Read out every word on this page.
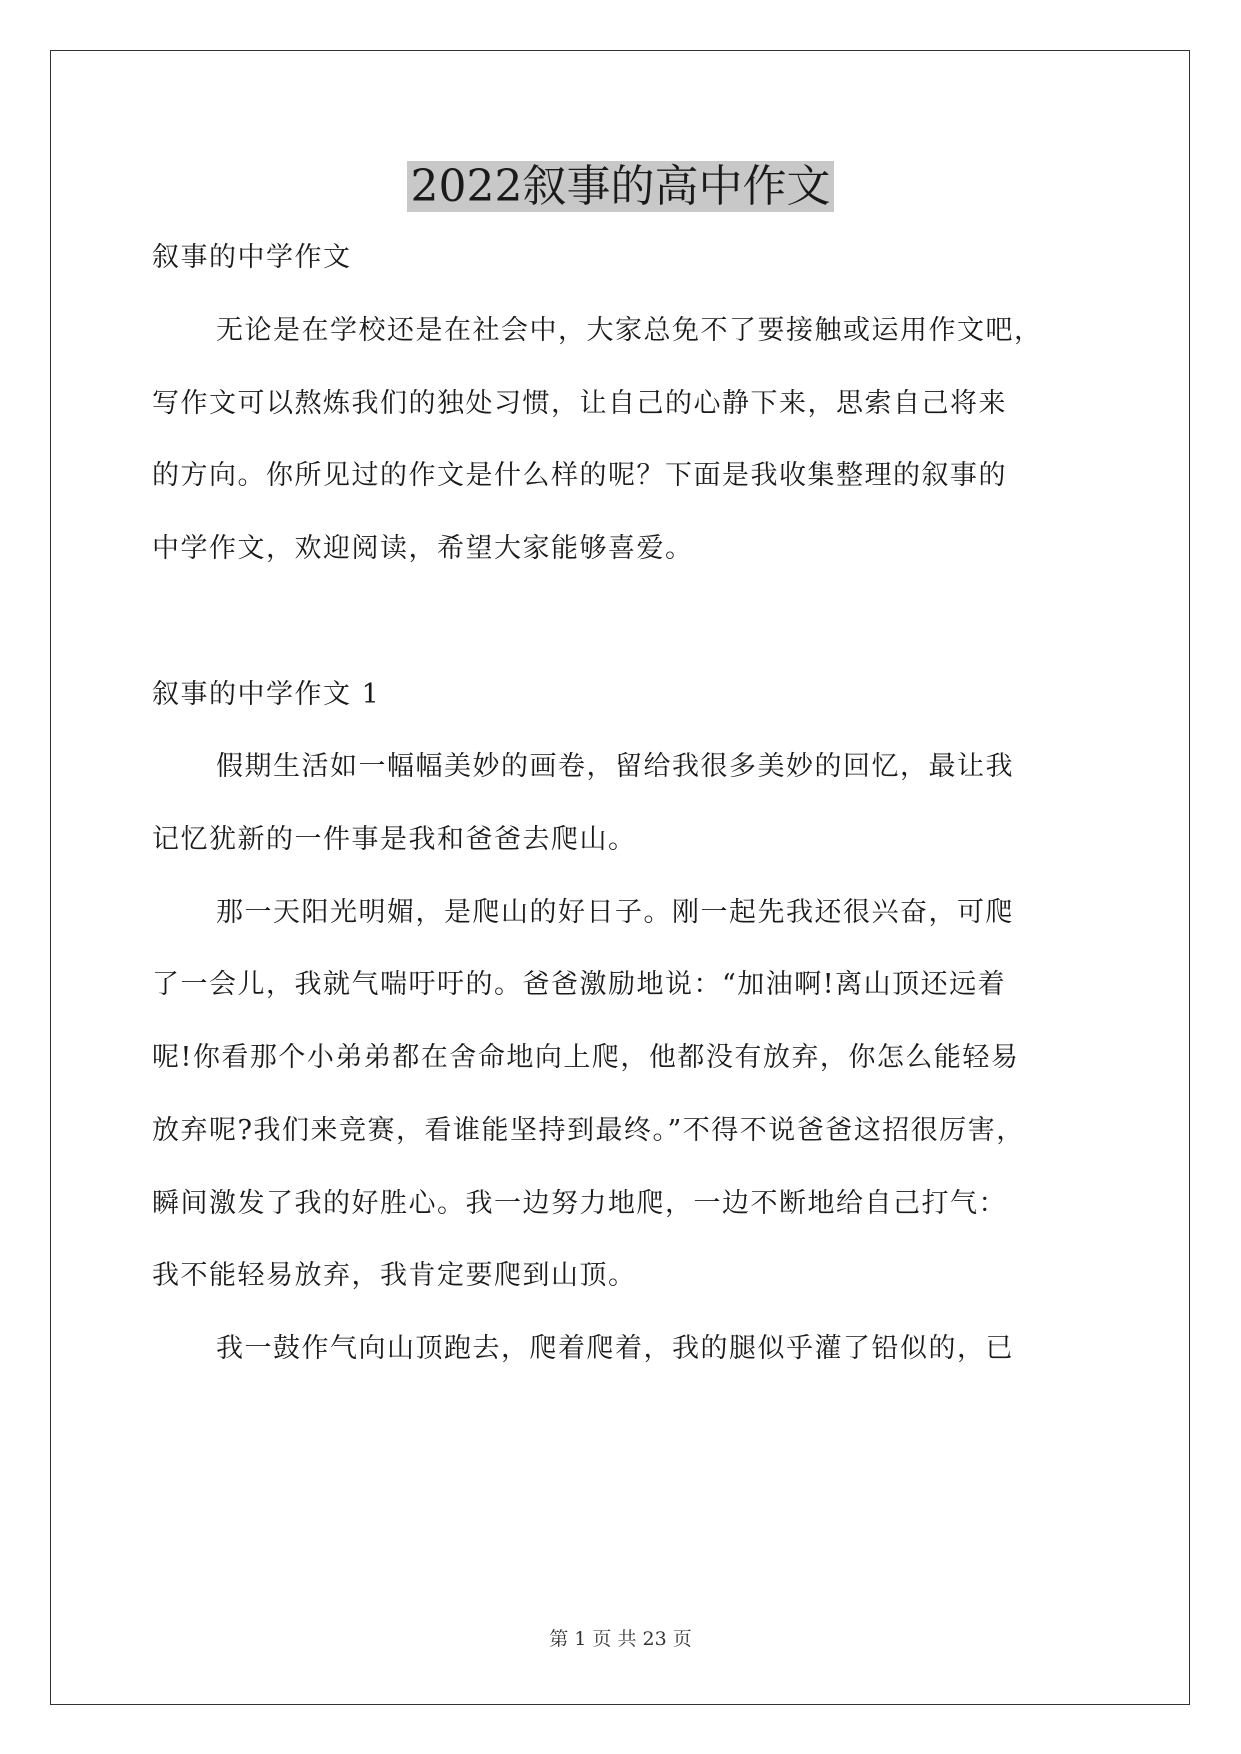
2022叙事的高中作文
叙事的中学作文
无论是在学校还是在社会中，大家总免不了要接触或运用作文吧，
写作文可以熬炼我们的独处习惯，让自己的心静下来，思索自己将来
的方向。你所见过的作文是什么样的呢？下面是我收集整理的叙事的
中学作文，欢迎阅读，希望大家能够喜爱。
叙事的中学作文 1
假期生活如一幅幅美妙的画卷，留给我很多美妙的回忆，最让我
记忆犹新的一件事是我和爸爸去爬山。
那一天阳光明媚，是爬山的好日子。刚一起先我还很兴奋，可爬
了一会儿，我就气喘吁吁的。爸爸激励地说：“加油啊!离山顶还远着
呢!你看那个小弟弟都在舍命地向上爬，他都没有放弃，你怎么能轻易
放弃呢?我们来竞赛，看谁能坚持到最终。”不得不说爸爸这招很厉害，
瞬间激发了我的好胜心。我一边努力地爬，一边不断地给自己打气：
我不能轻易放弃，我肯定要爬到山顶。
我一鼓作气向山顶跑去，爬着爬着，我的腿似乎灌了铅似的，已
第 1 页 共 23 页
